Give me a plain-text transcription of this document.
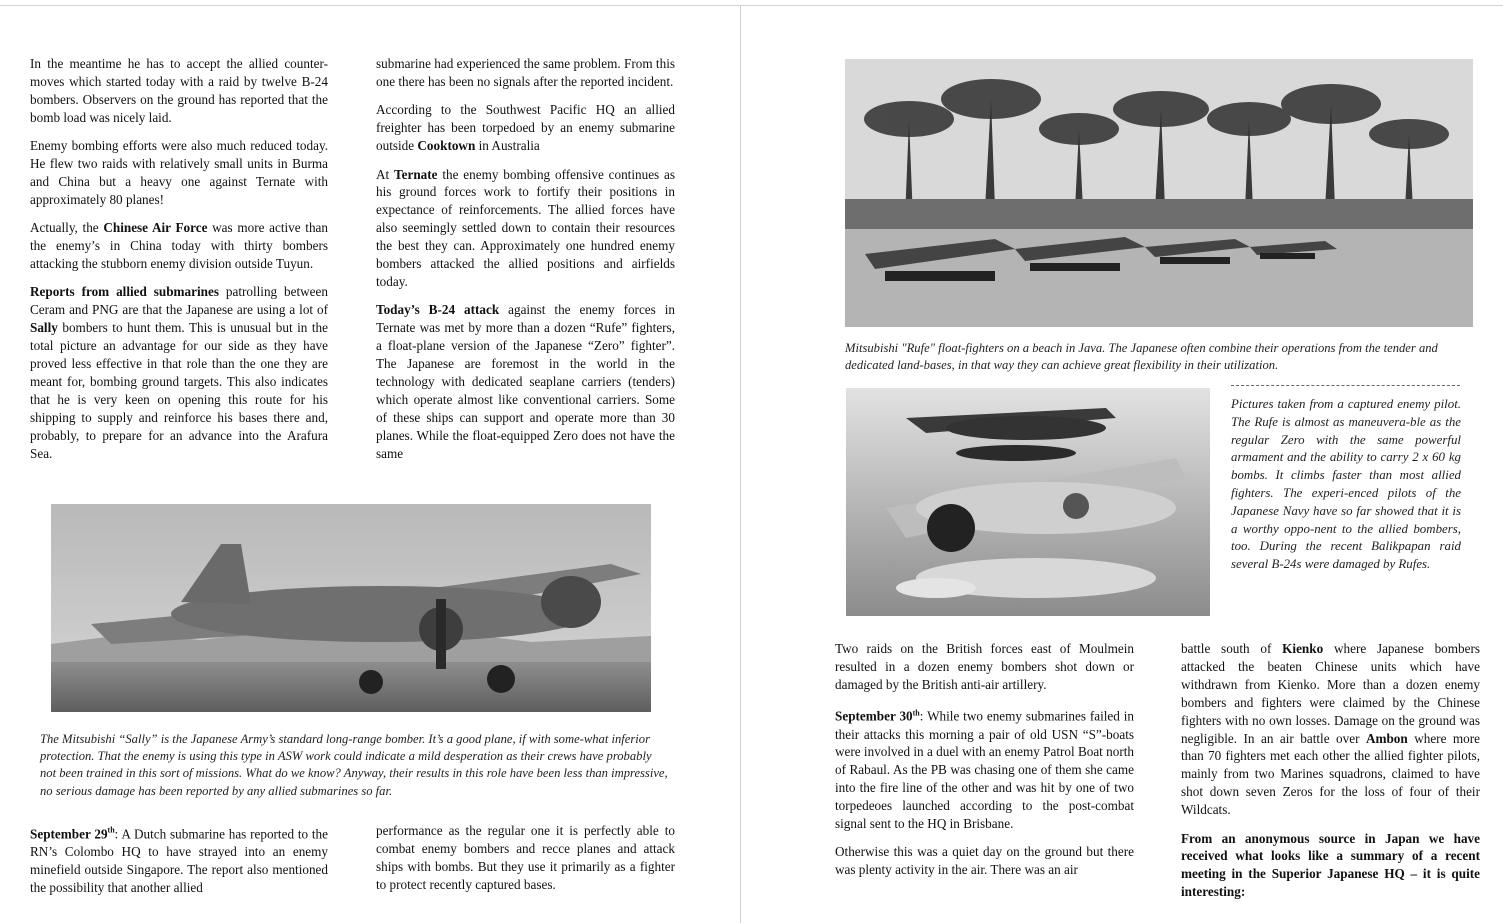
In the meantime he has to accept the allied counter-moves which started today with a raid by twelve B-24 bombers. Observers on the ground has reported that the bomb load was nicely laid.

Enemy bombing efforts were also much reduced today. He flew two raids with relatively small units in Burma and China but a heavy one against Ternate with approximately 80 planes!

Actually, the Chinese Air Force was more active than the enemy’s in China today with thirty bombers attacking the stubborn enemy division outside Tuyun.

Reports from allied submarines patrolling between Ceram and PNG are that the Japanese are using a lot of Sally bombers to hunt them. This is unusual but in the total picture an advantage for our side as they have proved less effective in that role than the one they are meant for, bombing ground targets. This also indicates that he is very keen on opening this route for his shipping to supply and reinforce his bases there and, probably, to prepare for an advance into the Arafura Sea.

submarine had experienced the same problem. From this one there has been no signals after the reported incident.

According to the Southwest Pacific HQ an allied freighter has been torpedoed by an enemy submarine outside Cooktown in Australia

At Ternate the enemy bombing offensive continues as his ground forces work to fortify their positions in expectance of reinforcements. The allied forces have also seemingly settled down to contain their resources the best they can. Approximately one hundred enemy bombers attacked the allied positions and airfields today.

Today’s B-24 attack against the enemy forces in Ternate was met by more than a dozen “Rufe” fighters, a float-plane version of the Japanese “Zero” fighter”. The Japanese are foremost in the world in the technology with dedicated seaplane carriers (tenders) which operate almost like conventional carriers. Some of these ships can support and operate more than 30 planes. While the float-equipped Zero does not have the same

The Mitsubishi “Sally” is the Japanese Army’s standard long-range bomber. It’s a good plane, if with some-what inferior protection. That the enemy is using this type in ASW work could indicate a mild desperation as their crews have probably not been trained in this sort of missions. What do we know? Anyway, their results in this role have been less than impressive, no serious damage has been reported by any allied submarines so far.

September 29th: A Dutch submarine has reported to the RN’s Colombo HQ to have strayed into an enemy minefield outside Singapore. The report also mentioned the possibility that another allied

performance as the regular one it is perfectly able to combat enemy bombers and recce planes and attack ships with bombs. But they use it primarily as a fighter to protect recently captured bases.

Mitsubishi "Rufe" float-fighters on a beach in Java. The Japanese often combine their operations from the tender and dedicated land-bases, in that way they can achieve great flexibility in their utilization.
Pictures taken from a captured enemy pilot. The Rufe is almost as maneuvera-ble as the regular Zero with the same powerful armament and the ability to carry 2 x 60 kg bombs. It climbs faster than most allied fighters. The experi-enced pilots of the Japanese Navy have so far showed that it is a worthy oppo-nent to the allied bombers, too. During the recent Balikpapan raid several B-24s were damaged by Rufes.

Two raids on the British forces east of Moulmein resulted in a dozen enemy bombers shot down or damaged by the British anti-air artillery.

September 30th: While two enemy submarines failed in their attacks this morning a pair of old USN “S”-boats were involved in a duel with an enemy Patrol Boat north of Rabaul. As the PB was chasing one of them she came into the fire line of the other and was hit by one of two torpedeoes launched according to the post-combat signal sent to the HQ in Brisbane.

Otherwise this was a quiet day on the ground but there was plenty activity in the air. There was an air

battle south of Kienko where Japanese bombers attacked the beaten Chinese units which have withdrawn from Kienko. More than a dozen enemy bombers and fighters were claimed by the Chinese fighters with no own losses. Damage on the ground was negligible. In an air battle over Ambon where more than 70 fighters met each other the allied fighter pilots, mainly from two Marines squadrons, claimed to have shot down seven Zeros for the loss of four of their Wildcats.

From an anonymous source in Japan we have received what looks like a summary of a recent meeting in the Superior Japanese HQ – it is quite interesting:
